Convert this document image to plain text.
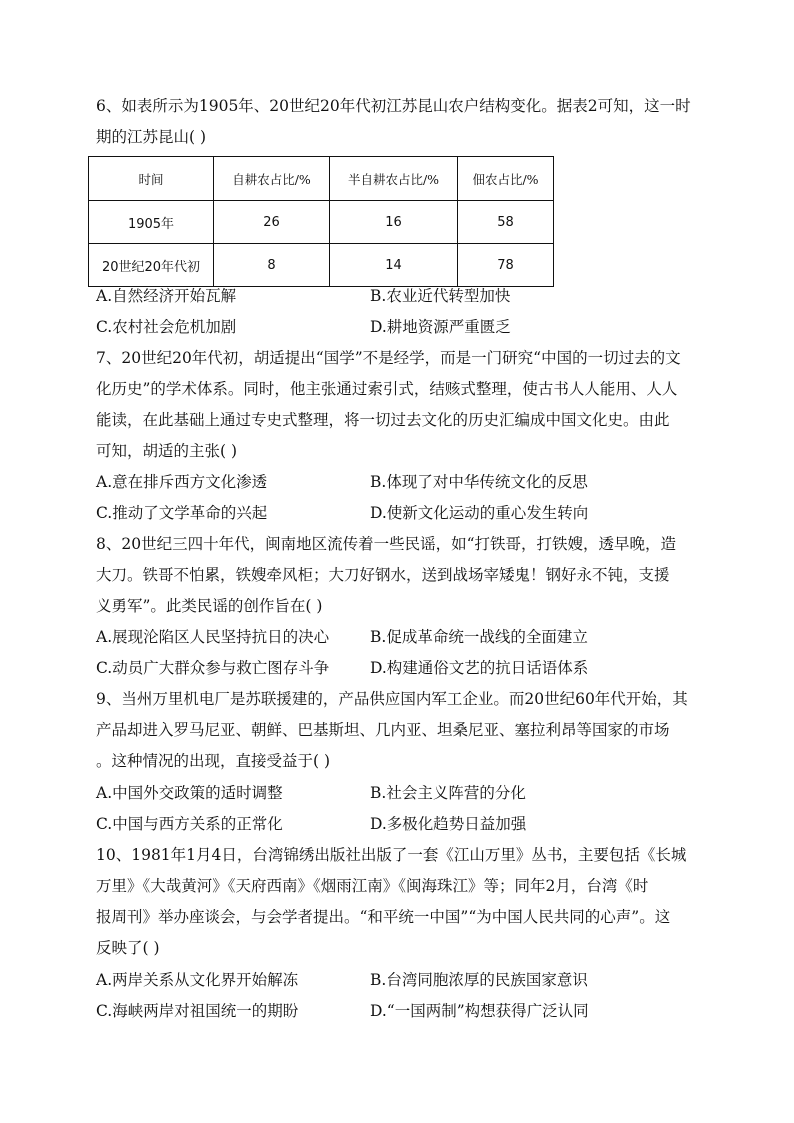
6、如表所示为1905年、20世纪20年代初江苏昆山农户结构变化。据表2可知，这一时
期的江苏昆山( )
时间	自耕农占比/%	半自耕农占比/%	佃农占比/%
1905年	26	16	58
20世纪20年代初	8	14	78
A.自然经济开始瓦解	B.农业近代转型加快
C.农村社会危机加剧	D.耕地资源严重匮乏
7、20世纪20年代初，胡适提出“国学”不是经学，而是一门研究“中国的一切过去的文
化历史”的学术体系。同时，他主张通过索引式，结赅式整理，使古书人人能用、人人
能读，在此基础上通过专史式整理，将一切过去文化的历史汇编成中国文化史。由此
可知，胡适的主张( )
A.意在排斥西方文化渗透	B.体现了对中华传统文化的反思
C.推动了文学革命的兴起	D.使新文化运动的重心发生转向
8、20世纪三四十年代，闽南地区流传着一些民谣，如“打铁哥，打铁嫂，透早晚，造
大刀。铁哥不怕累，铁嫂牵风柜；大刀好钢水，送到战场宰矮鬼！钢好永不钝，支援
义勇军”。此类民谣的创作旨在( )
A.展现沦陷区人民坚持抗日的决心	B.促成革命统一战线的全面建立
C.动员广大群众参与救亡图存斗争	D.构建通俗文艺的抗日话语体系
9、当州万里机电厂是苏联援建的，产品供应国内军工企业。而20世纪60年代开始，其
产品却进入罗马尼亚、朝鲜、巴基斯坦、几内亚、坦桑尼亚、塞拉利昂等国家的市场
。这种情况的出现，直接受益于( )
A.中国外交政策的适时调整	B.社会主义阵营的分化
C.中国与西方关系的正常化	D.多极化趋势日益加强
10、1981年1月4日，台湾锦绣出版社出版了一套《江山万里》丛书，主要包括《长城
万里》《大哉黄河》《天府西南》《烟雨江南》《闽海珠江》等；同年2月，台湾《时
报周刊》举办座谈会，与会学者提出。“和平统一中国”“为中国人民共同的心声”。这
反映了( )
A.两岸关系从文化界开始解冻	B.台湾同胞浓厚的民族国家意识
C.海峡两岸对祖国统一的期盼	D.“一国两制”构想获得广泛认同
